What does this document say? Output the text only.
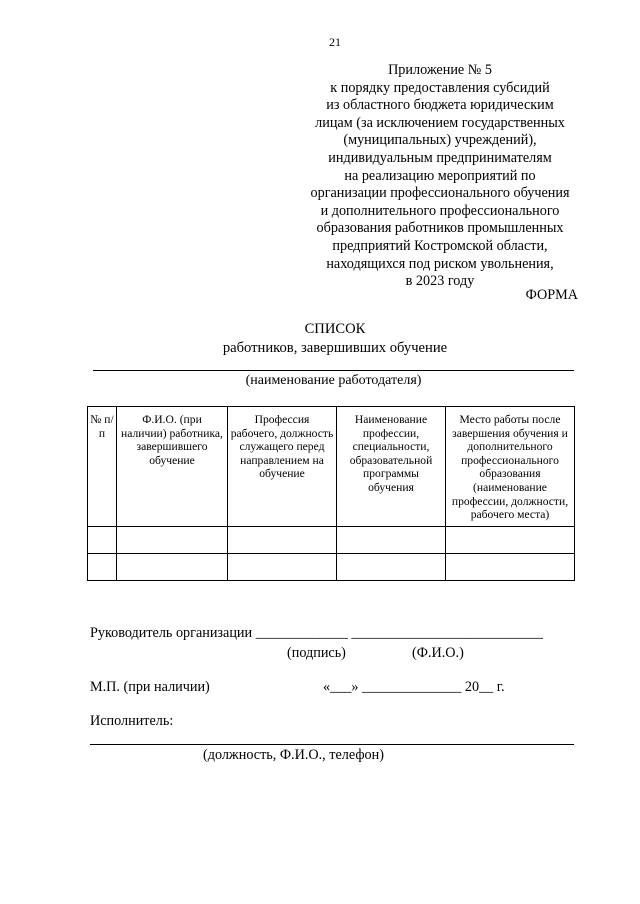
21
Приложение № 5
к порядку предоставления субсидий
из областного бюджета юридическим
лицам (за исключением государственных
(муниципальных) учреждений),
индивидуальным предпринимателям
на реализацию мероприятий по
организации профессионального обучения
и дополнительного профессионального
образования работников промышленных
предприятий Костромской области,
находящихся под риском увольнения,
в 2023 году
ФОРМА
СПИСОК
работников, завершивших обучение
(наименование работодателя)
№ п/п	Ф.И.О. (при наличии) работника, завершившего обучение	Профессия рабочего, должность служащего перед направлением на обучение	Наименование профессии, специальности, образовательной программы обучения	Место работы после завершения обучения и дополнительного профессионального образования (наименование профессии, должности, рабочего места)

Руководитель организации _____________ ___________________________
(подпись)	(Ф.И.О.)
М.П. (при наличии)	«___» ______________ 20__ г.
Исполнитель:
(должность, Ф.И.О., телефон)
